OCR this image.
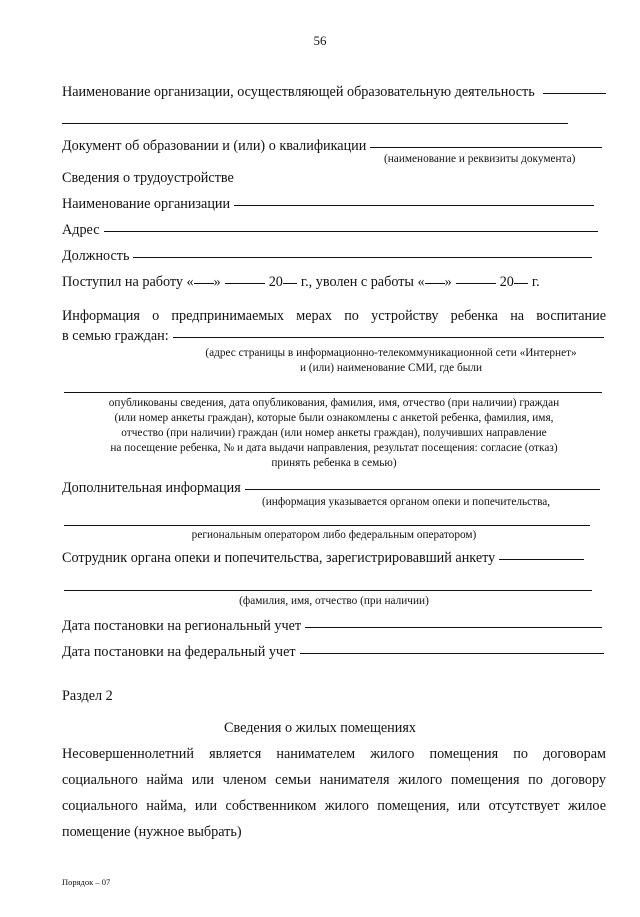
56
Наименование организации, осуществляющей образовательную деятельность
Документ об образовании и (или) о квалификации
(наименование и реквизиты документа)
Сведения о трудоустройстве
Наименование организации
Адрес
Должность
Поступил на работу « »	20 г., уволен с работы « »	20 г.
Информация о предпринимаемых мерах по устройству ребенка на воспитание
в семью граждан:
(адрес страницы в информационно-телекоммуникационной сети «Интернет»
и (или) наименование СМИ, где были
опубликованы сведения, дата опубликования, фамилия, имя, отчество (при наличии) граждан
(или номер анкеты граждан), которые были ознакомлены с анкетой ребенка, фамилия, имя,
отчество (при наличии) граждан (или номер анкеты граждан), получивших направление
на посещение ребенка, № и дата выдачи направления, результат посещения: согласие (отказ)
принять ребенка в семью)
Дополнительная информация
(информация указывается органом опеки и попечительства,
региональным оператором либо федеральным оператором)
Сотрудник органа опеки и попечительства, зарегистрировавший анкету
(фамилия, имя, отчество (при наличии)
Дата постановки на региональный учет
Дата постановки на федеральный учет
Раздел 2
Сведения о жилых помещениях
Несовершеннолетний является нанимателем жилого помещения по договорам
социального найма или членом семьи нанимателя жилого помещения по договору
социального найма, или собственником жилого помещения, или отсутствует жилое
помещение (нужное выбрать)
Порядок – 07
